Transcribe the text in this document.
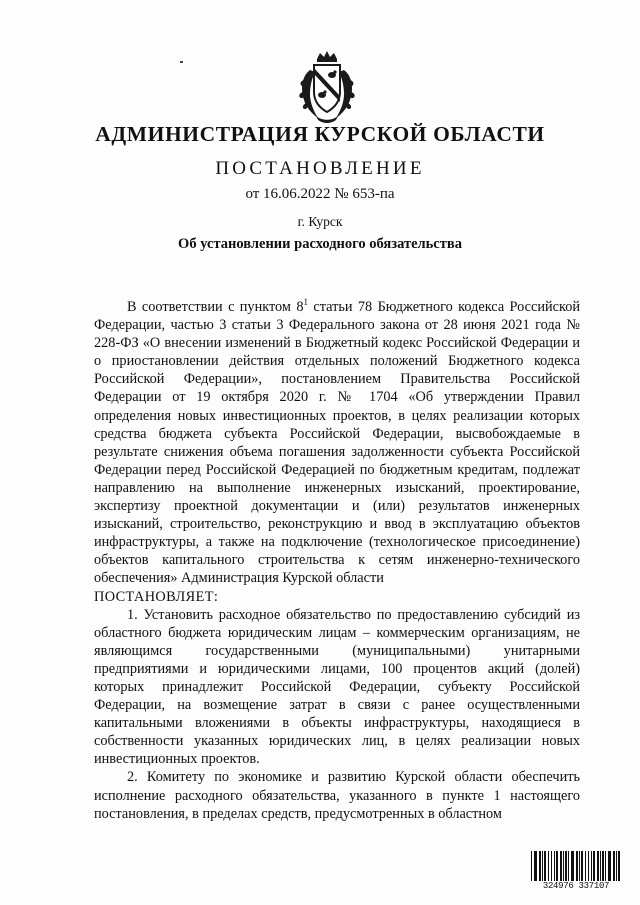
АДМИНИСТРАЦИЯ КУРСКОЙ ОБЛАСТИ
ПОСТАНОВЛЕНИЕ
от 16.06.2022 № 653-па
г. Курск
Об установлении расходного обязательства

В соответствии с пунктом $8^1$ статьи 78 Бюджетного кодекса Российской Федерации, частью 3 статьи 3 Федерального закона от 28 июня 2021 года № 228-ФЗ «О внесении изменений в Бюджетный кодекс Российской Федерации и о приостановлении действия отдельных положений Бюджетного кодекса Российской Федерации», постановлением Правительства Российской Федерации от 19 октября 2020 г. № 1704 «Об утверждении Правил определения новых инвестиционных проектов, в целях реализации которых средства бюджета субъекта Российской Федерации, высвобождаемые в результате снижения объема погашения задолженности субъекта Российской Федерации перед Российской Федерацией по бюджетным кредитам, подлежат направлению на выполнение инженерных изысканий, проектирование, экспертизу проектной документации и (или) результатов инженерных изысканий, строительство, реконструкцию и ввод в эксплуатацию объектов инфраструктуры, а также на подключение (технологическое присоединение) объектов капитального строительства к сетям инженерно-технического обеспечения» Администрация Курской области

ПОСТАНОВЛЯЕТ:

1. Установить расходное обязательство по предоставлению субсидий из областного бюджета юридическим лицам – коммерческим организациям, не являющимся государственными (муниципальными) унитарными предприятиями и юридическими лицами, 100 процентов акций (долей) которых принадлежит Российской Федерации, субъекту Российской Федерации, на возмещение затрат в связи с ранее осуществленными капитальными вложениями в объекты инфраструктуры, находящиеся в собственности указанных юридических лиц, в целях реализации новых инвестиционных проектов.

2. Комитету по экономике и развитию Курской области обеспечить исполнение расходного обязательства, указанного в пункте 1 настоящего постановления, в пределах средств, предусмотренных в областном

324976 337107
